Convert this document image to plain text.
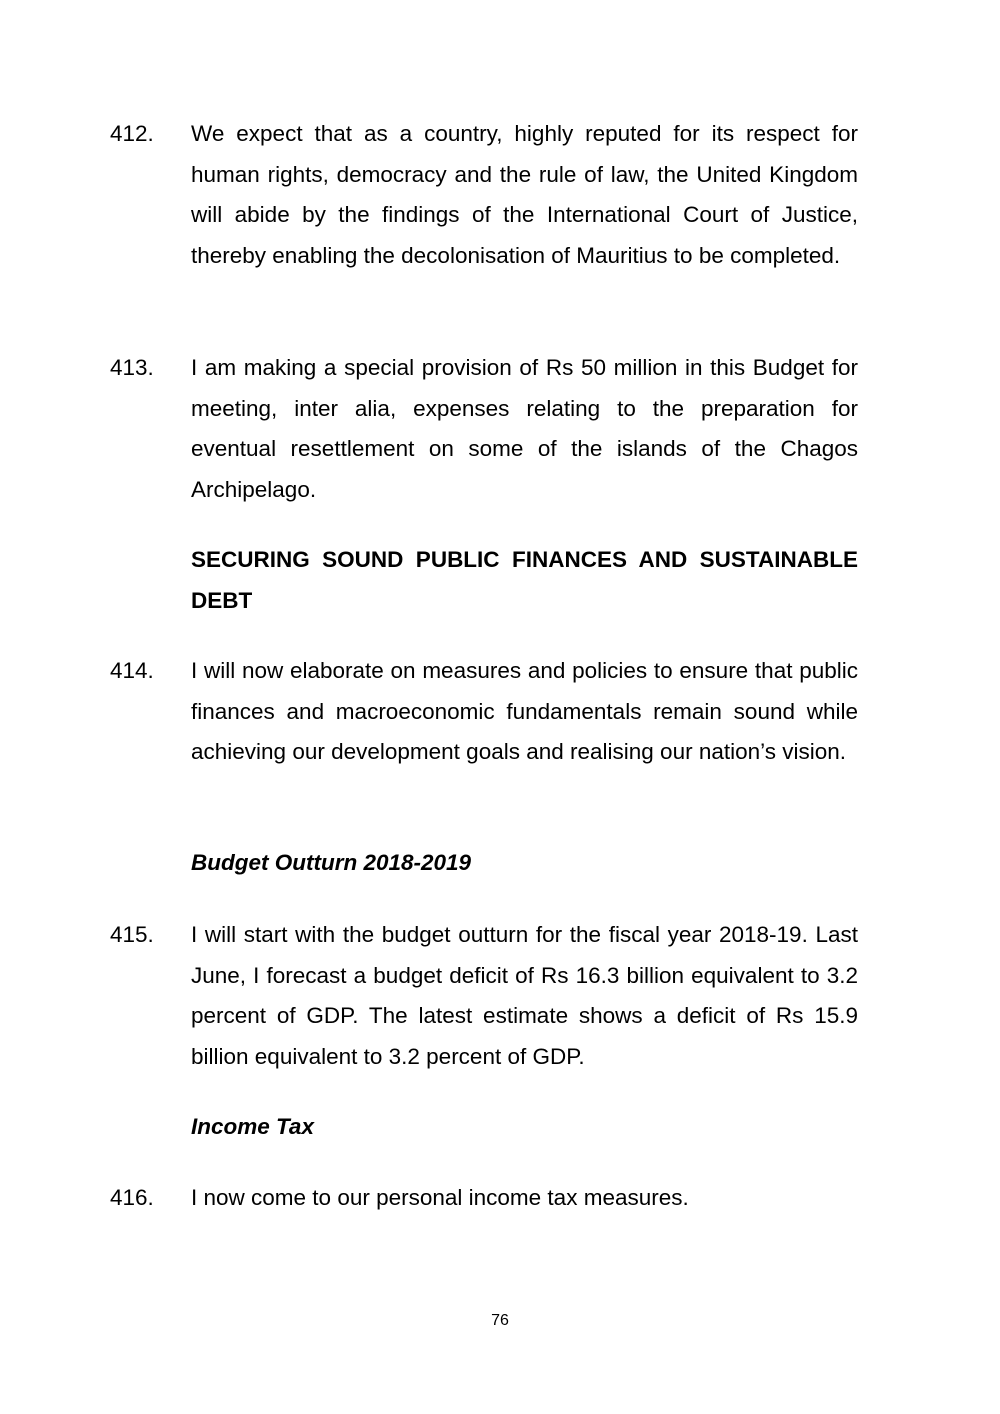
412.	We expect that as a country, highly reputed for its respect for human rights, democracy and the rule of law, the United Kingdom will abide by the findings of the International Court of Justice, thereby enabling the decolonisation of Mauritius to be completed.
413.	I am making a special provision of Rs 50 million in this Budget for meeting, inter alia, expenses relating to the preparation for eventual resettlement on some of the islands of the Chagos Archipelago.
SECURING SOUND PUBLIC FINANCES AND SUSTAINABLE DEBT
414.	I will now elaborate on measures and policies to ensure that public finances and macroeconomic fundamentals remain sound while achieving our development goals and realising our nation’s vision.
Budget Outturn 2018-2019
415.	I will start with the budget outturn for the fiscal year 2018-19. Last June, I forecast a budget deficit of Rs 16.3 billion equivalent to 3.2 percent of GDP. The latest estimate shows a deficit of Rs 15.9 billion equivalent to 3.2 percent of GDP.
Income Tax
416.	I now come to our personal income tax measures.
76
